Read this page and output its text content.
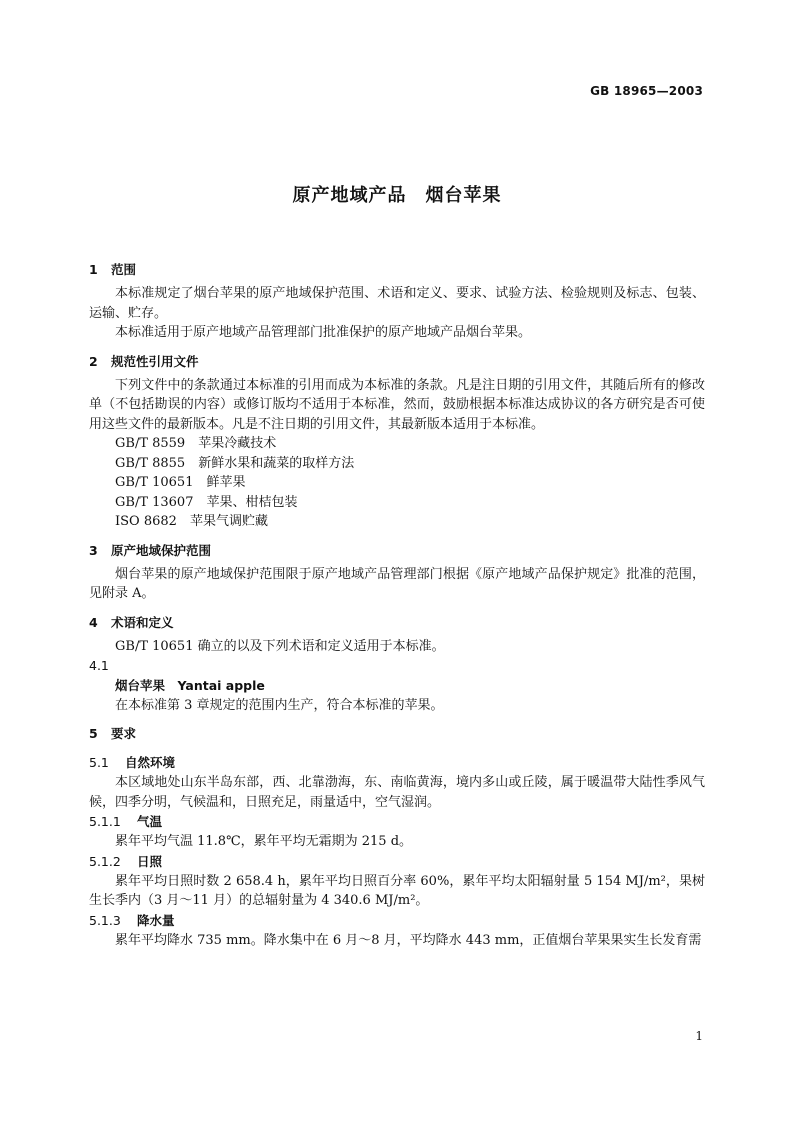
GB 18965—2003
原产地域产品　烟台苹果
1 范围

本标准规定了烟台苹果的原产地域保护范围、术语和定义、要求、试验方法、检验规则及标志、包装、运输、贮存。

本标准适用于原产地域产品管理部门批准保护的原产地域产品烟台苹果。

2 规范性引用文件

下列文件中的条款通过本标准的引用而成为本标准的条款。凡是注日期的引用文件，其随后所有的修改单（不包括勘误的内容）或修订版均不适用于本标准，然而，鼓励根据本标准达成协议的各方研究是否可使用这些文件的最新版本。凡是不注日期的引用文件，其最新版本适用于本标准。

GB/T 8559　 苹果冷藏技术
GB/T 8855　 新鲜水果和蔬菜的取样方法
GB/T 10651　 鲜苹果
GB/T 13607　 苹果、柑桔包装
ISO 8682　 苹果气调贮藏
3 原产地域保护范围

烟台苹果的原产地域保护范围限于原产地域产品管理部门根据《原产地域产品保护规定》批准的范围，见附录 A。

4 术语和定义

GB/T 10651 确立的以及下列术语和定义适用于本标准。

4.1
烟台苹果　Yantai apple

在本标准第 3 章规定的范围内生产，符合本标准的苹果。

5 要求
5.1 自然环境

本区域地处山东半岛东部，西、北靠渤海，东、南临黄海，境内多山或丘陵，属于暖温带大陆性季风气候，四季分明，气候温和，日照充足，雨量适中，空气湿润。

5.1.1 气温

累年平均气温 11.8℃，累年平均无霜期为 215 d。

5.1.2 日照

累年平均日照时数 2 658.4 h，累年平均日照百分率 60%，累年平均太阳辐射量 5 154 MJ/m²，果树生长季内（3 月～11 月）的总辐射量为 4 340.6 MJ/m²。

5.1.3 降水量

累年平均降水 735 mm。降水集中在 6 月～8 月，平均降水 443 mm，正值烟台苹果果实生长发育需

1
